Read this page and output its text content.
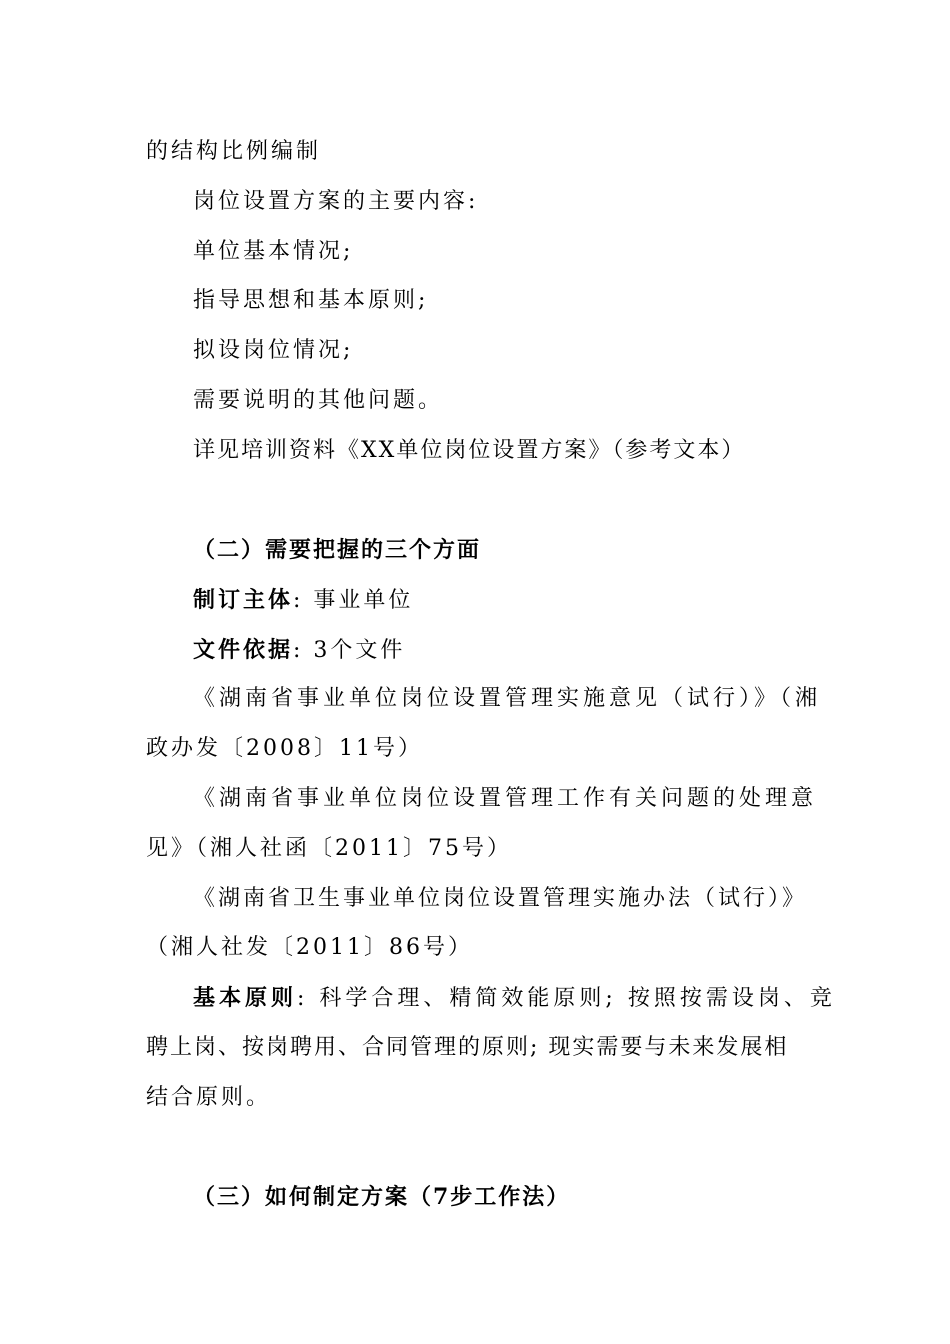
的结构比例编制
岗位设置方案的主要内容:
单位基本情况;
指导思想和基本原则;
拟设岗位情况;
需要说明的其他问题。
详见培训资料《XX单位岗位设置方案》（参考文本）
（二）需要把握的三个方面
制订主体: 事业单位
文件依据: 3个文件
《湖南省事业单位岗位设置管理实施意见（试行）》（湘
政办发〔2008〕11号）
《湖南省事业单位岗位设置管理工作有关问题的处理意
见》（湘人社函〔2011〕75号）
《湖南省卫生事业单位岗位设置管理实施办法（试行）》
（湘人社发〔2011〕86号）
基本原则: 科学合理、精简效能原则; 按照按需设岗、竞
聘上岗、按岗聘用、合同管理的原则; 现实需要与未来发展相
结合原则。
（三）如何制定方案（7步工作法）
